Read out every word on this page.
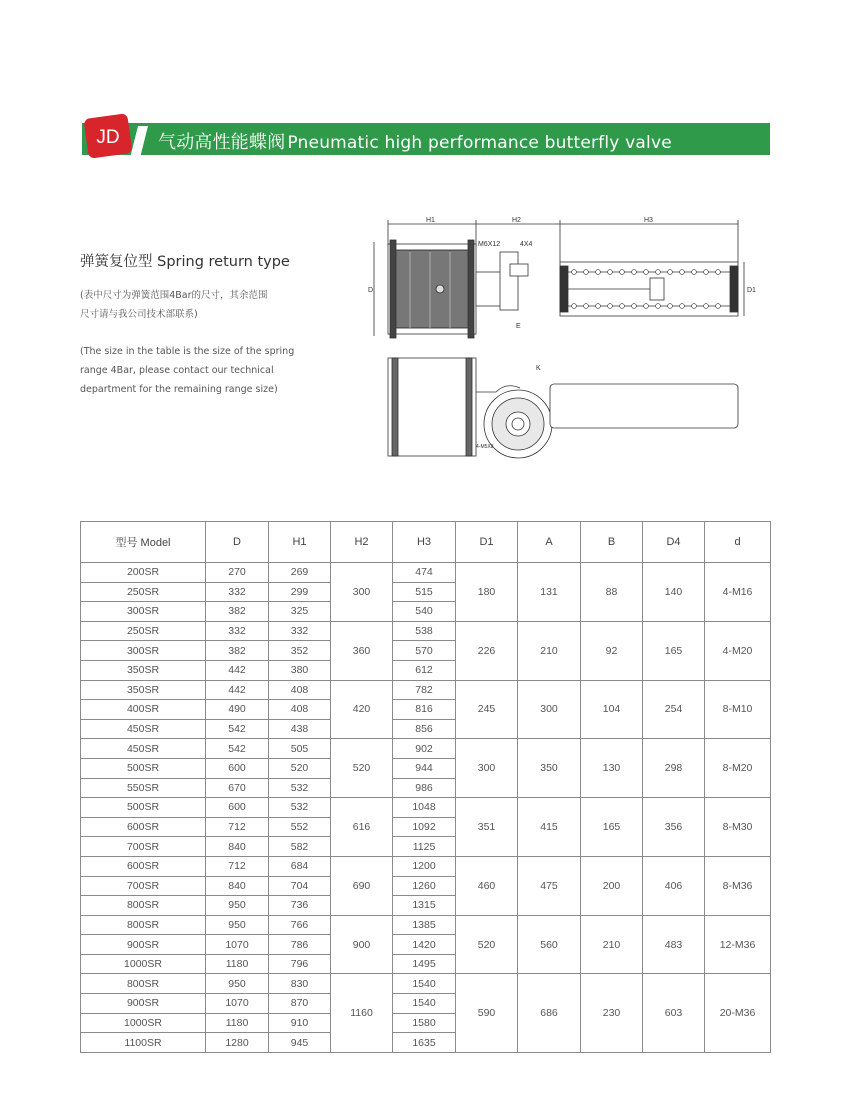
JD 气动高性能蝶阀 Pneumatic high performance butterfly valve
弹簧复位型 Spring return type
(表中尺寸为弹簧范围4Bar的尺寸，其余范围
尺寸请与我公司技术部联系)
(The size in the table is the size of the spring
range 4Bar, please contact our technical
department for the remaining range size)
H1	H2	H3
D
M6X12	4X4
E
D1
K
4-M5X8
型号 Model	D	H1	H2	H3	D1	A	B	D4	d
200SR	270	269	300	474	180	131	88	140	4-M16
250SR	332	299		515					
300SR	382	325		540					
250SR	332	332	360	538	226	210	92	165	4-M20
300SR	382	352		570					
350SR	442	380		612					
350SR	442	408	420	782	245	300	104	254	8-M10
400SR	490	408		816					
450SR	542	438		856					
450SR	542	505	520	902	300	350	130	298	8-M20
500SR	600	520		944					
550SR	670	532		986					
500SR	600	532	616	1048	351	415	165	356	8-M30
600SR	712	552		1092					
700SR	840	582		1125					
600SR	712	684	690	1200	460	475	200	406	8-M36
700SR	840	704		1260					
800SR	950	736		1315					
800SR	950	766	900	1385	520	560	210	483	12-M36
900SR	1070	786		1420					
1000SR	1180	796		1495					
800SR	950	830	1160	1540	590	686	230	603	20-M36
900SR	1070	870		1540					
1000SR	1180	910		1580					
1100SR	1280	945		1635					
